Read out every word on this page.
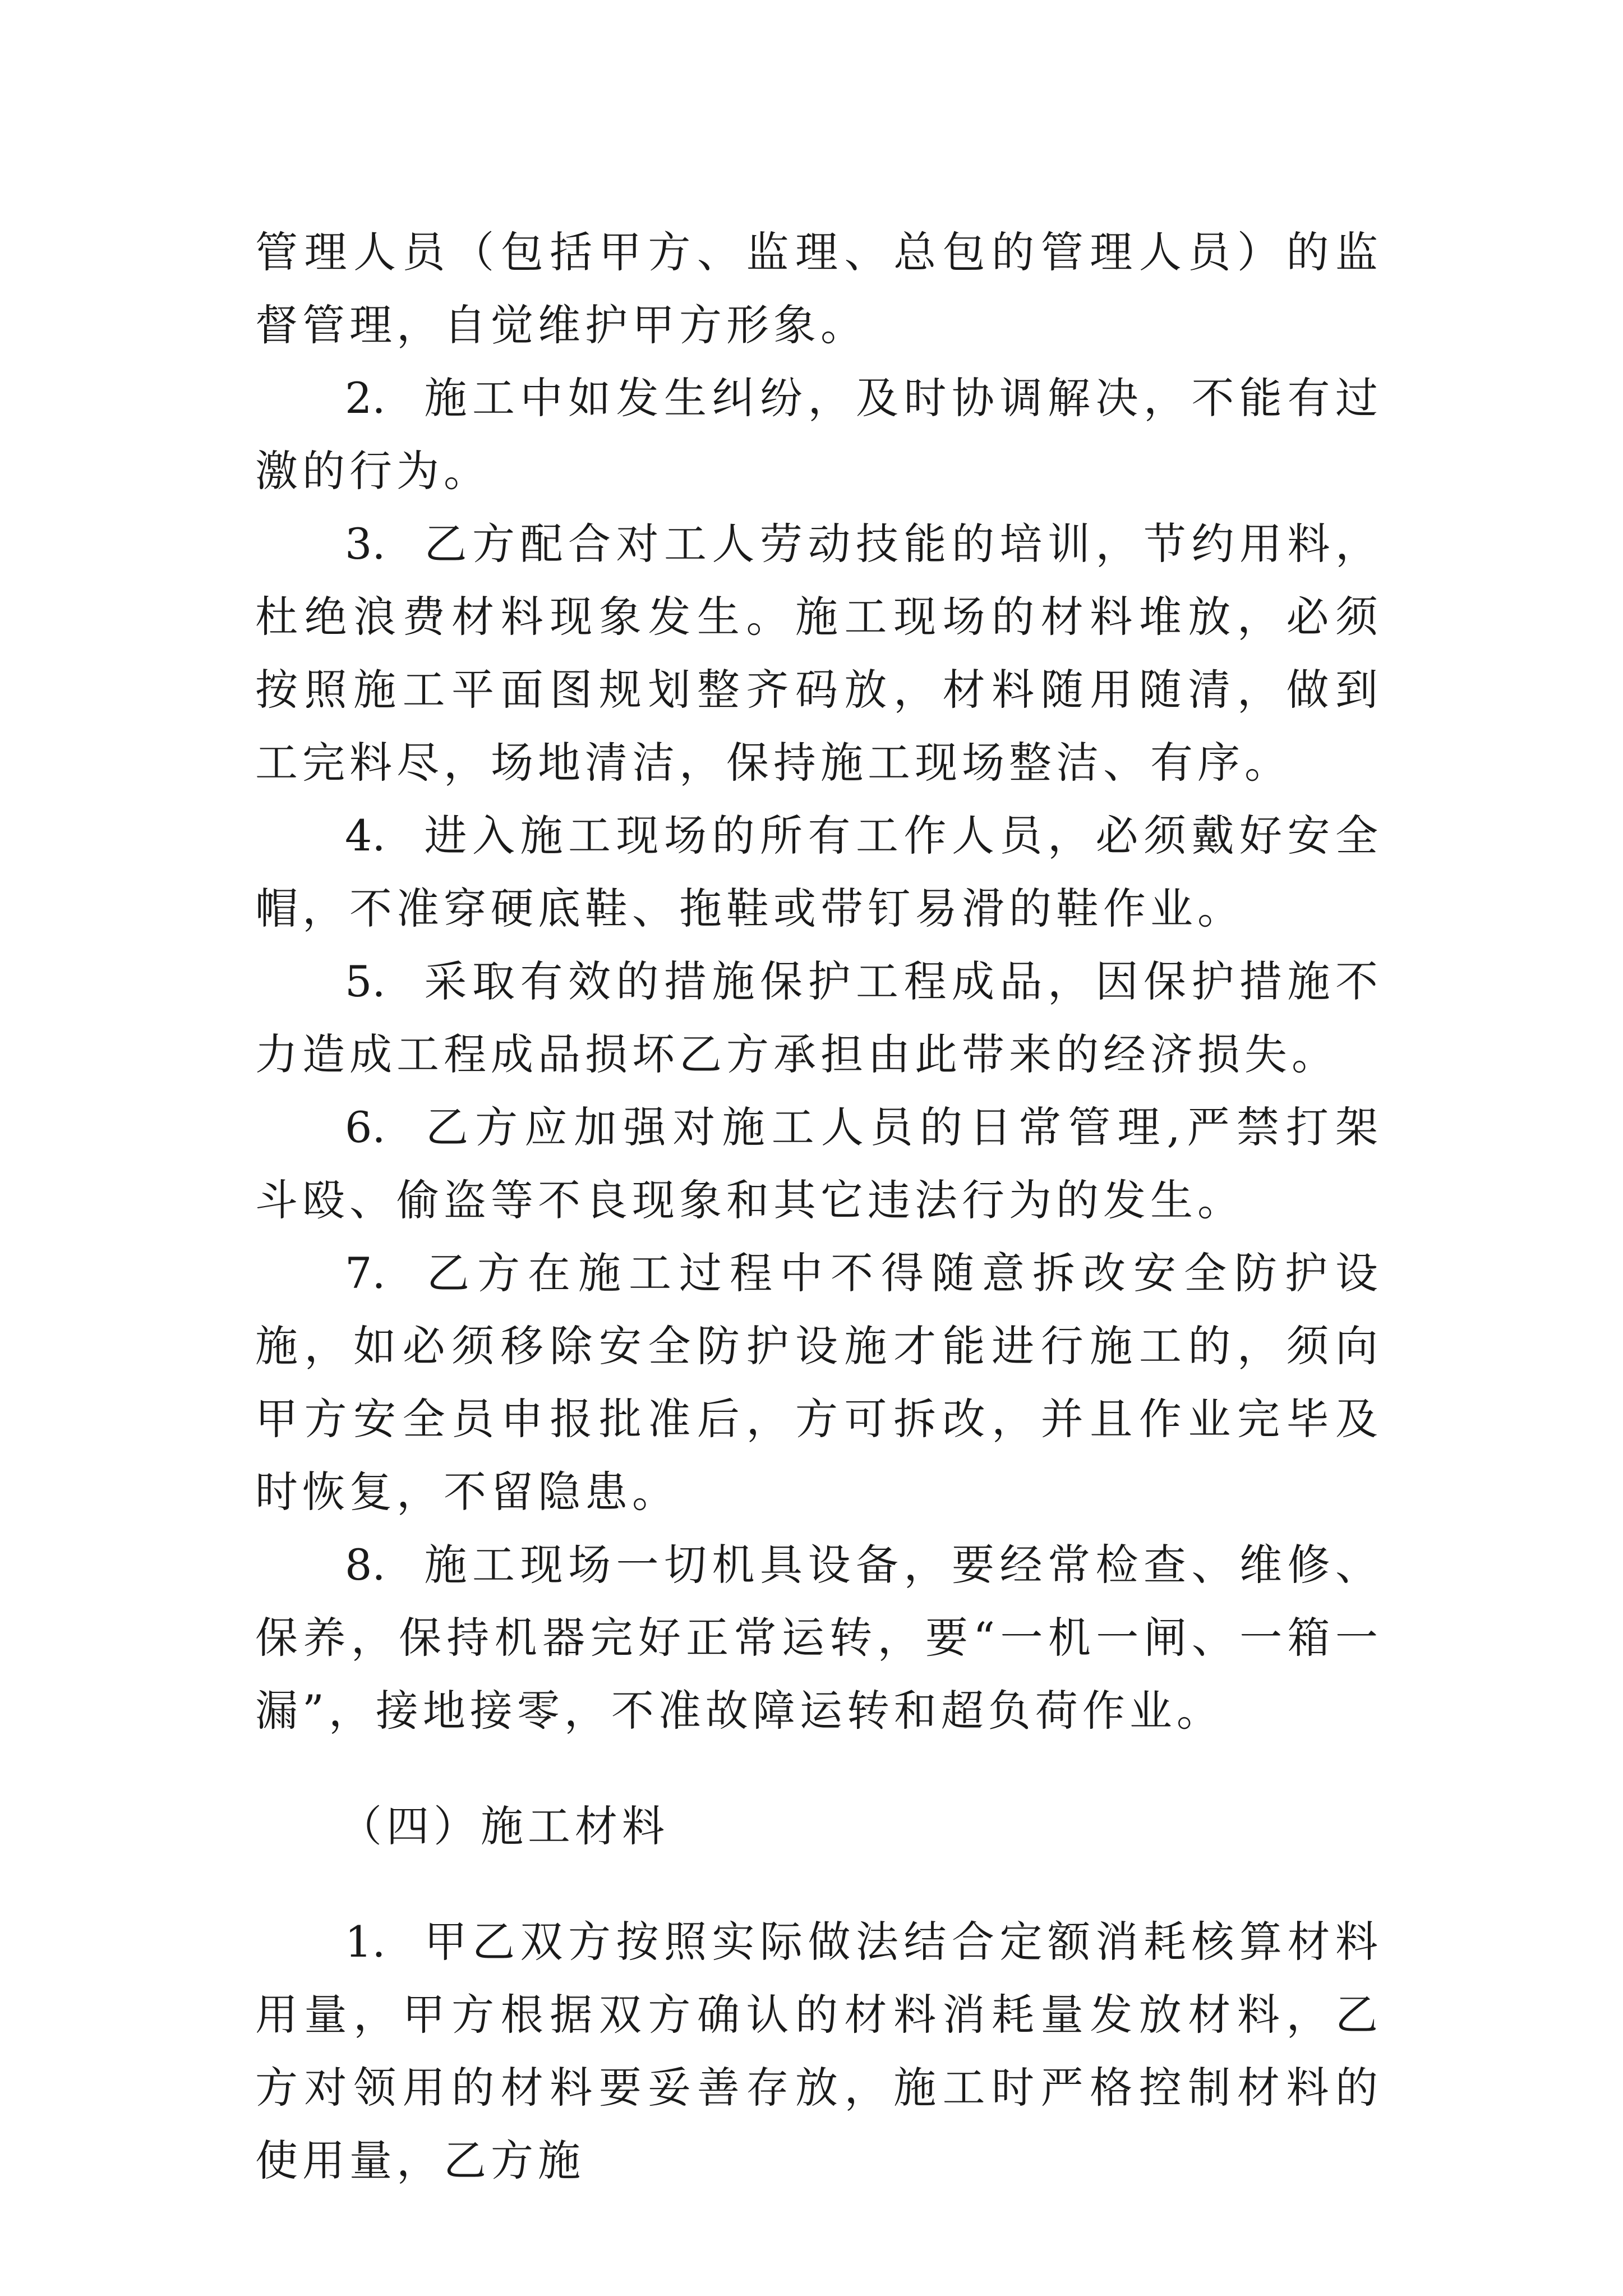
管理人员（包括甲方、监理、总包的管理人员）的监督管理，自觉维护甲方形象。

2. 施工中如发生纠纷，及时协调解决，不能有过激的行为。

3. 乙方配合对工人劳动技能的培训，节约用料，杜绝浪费材料现象发生。施工现场的材料堆放，必须按照施工平面图规划整齐码放，材料随用随清，做到工完料尽，场地清洁，保持施工现场整洁、有序。

4. 进入施工现场的所有工作人员，必须戴好安全帽，不准穿硬底鞋、拖鞋或带钉易滑的鞋作业。

5. 采取有效的措施保护工程成品，因保护措施不力造成工程成品损坏乙方承担由此带来的经济损失。

6. 乙方应加强对施工人员的日常管理,严禁打架斗殴、偷盗等不良现象和其它违法行为的发生。

7. 乙方在施工过程中不得随意拆改安全防护设施，如必须移除安全防护设施才能进行施工的，须向甲方安全员申报批准后，方可拆改，并且作业完毕及时恢复，不留隐患。

8. 施工现场一切机具设备，要经常检查、维修、保养，保持机器完好正常运转，要“一机一闸、一箱一漏”，接地接零，不准故障运转和超负荷作业。

（四）施工材料

1. 甲乙双方按照实际做法结合定额消耗核算材料用量，甲方根据双方确认的材料消耗量发放材料，乙方对领用的材料要妥善存放，施工时严格控制材料的使用量，乙方施
